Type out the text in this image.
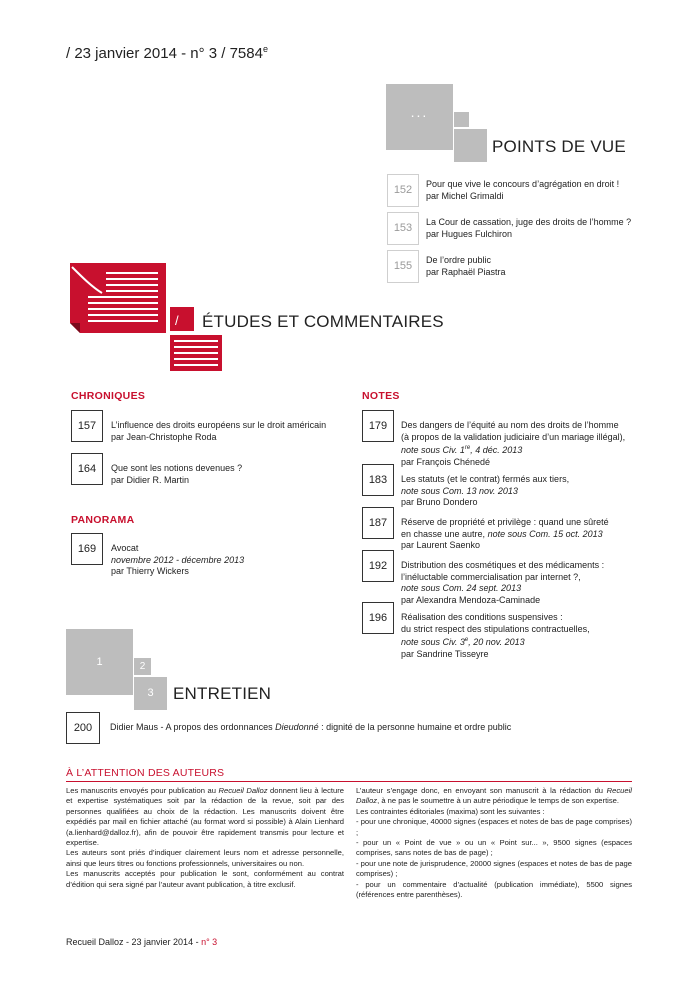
/ 23 janvier 2014 - n° 3 / 7584e
...
POINTS DE VUE
152	Pour que vive le concours d’agrégation en droit !
par Michel Grimaldi
153	La Cour de cassation, juge des droits de l’homme ?
par Hugues Fulchiron
155	De l’ordre public
par Raphaël Piastra
/ ÉTUDES ET COMMENTAIRES
CHRONIQUES
157	L’influence des droits européens sur le droit américain
par Jean-Christophe Roda
164	Que sont les notions devenues ?
par Didier R. Martin
PANORAMA
169	Avocat
novembre 2012 - décembre 2013
par Thierry Wickers
NOTES
179	Des dangers de l’équité au nom des droits de l’homme
(à propos de la validation judiciaire d’un mariage illégal),
note sous Civ. 1re, 4 déc. 2013
par François Chénedé
183	Les statuts (et le contrat) fermés aux tiers,
note sous Com. 13 nov. 2013
par Bruno Dondero
187	Réserve de propriété et privilège : quand une sûreté
en chasse une autre, note sous Com. 15 oct. 2013
par Laurent Saenko
192	Distribution des cosmétiques et des médicaments :
l’inéluctable commercialisation par internet ?,
note sous Com. 24 sept. 2013
par Alexandra Mendoza-Caminade
196	Réalisation des conditions suspensives :
du strict respect des stipulations contractuelles,
note sous Civ. 3e, 20 nov. 2013
par Sandrine Tisseyre
1	2
3	ENTRETIEN
200	Didier Maus - A propos des ordonnances Dieudonné : dignité de la personne humaine et ordre public
À L’ATTENTION DES AUTEURS

Les manuscrits envoyés pour publication au Recueil Dalloz donnent lieu à lecture et expertise systématiques soit par la rédaction de la revue, soit par des personnes qualifiées au choix de la rédaction. Les manuscrits doivent être expédiés par mail en fichier attaché (au format word si possible) à Alain Lienhard (a.lienhard@dalloz.fr), afin de pouvoir être rapidement transmis pour lecture et expertise.

Les auteurs sont priés d’indiquer clairement leurs nom et adresse personnelle, ainsi que leurs titres ou fonctions professionnels, universitaires ou non.

Les manuscrits acceptés pour publication le sont, conformément au contrat d’édition qui sera signé par l’auteur avant publication, à titre exclusif.

L’auteur s’engage donc, en envoyant son manuscrit à la rédaction du Recueil Dalloz, à ne pas le soumettre à un autre périodique le temps de son expertise.

Les contraintes éditoriales (maxima) sont les suivantes :

- pour une chronique, 40000 signes (espaces et notes de bas de page comprises) ;

- pour un « Point de vue » ou un « Point sur... », 9500 signes (espaces comprises, sans notes de bas de page) ;

- pour une note de jurisprudence, 20000 signes (espaces et notes de bas de page comprises) ;

- pour un commentaire d’actualité (publication immédiate), 5500 signes (références entre parenthèses).

Recueil Dalloz - 23 janvier 2014 - n° 3
